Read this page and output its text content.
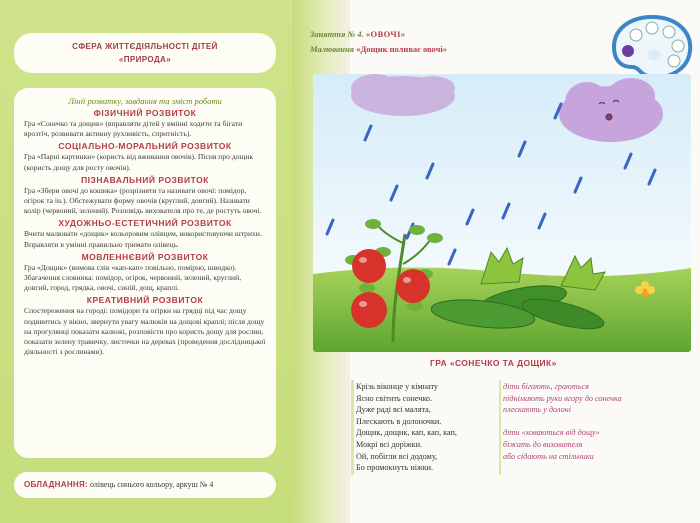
СФЕРА ЖИТТЄДІЯЛЬНОСТІ ДІТЕЙ
«ПРИРОДА»
Лінії розвитку, завдання та зміст роботи
ФІЗИЧНИЙ РОЗВИТОК

Гра «Сонечко та дощик» (вправляти дітей у вмінні ходити та бігати врозтіч, розвивати активну рухливість, спритність).

СОЦІАЛЬНО-МОРАЛЬНИЙ РОЗВИТОК

Гра «Парні картинки» (користь від вживання овочів). Пісня про дощик (користь дощу для росту овочів).

ПІЗНАВАЛЬНИЙ РОЗВИТОК

Гра «Збери овочі до кошика» (розрізняти та називати овочі: помідор, огірок та ін.). Обстежувати форму овочів (круглий, довгий). Називати колір (червоний, зелений). Розповідь вихователя про те, де ростуть овочі.

ХУДОЖНЬО-ЕСТЕТИЧНИЙ РОЗВИТОК

Вчити малювати «дощик» кольоровим олівцем, використовуючи штрихи. Вправляти в умінні правильно тримати олівець.

МОВЛЕННЄВИЙ РОЗВИТОК

Гра «Дощик» (вимова слів «кап-кап» повільно, помірно, швидко). Збагачення словника: помідор, огірок, червоний, зелений, круглий, довгий, город, грядка, овочі, синій, дощ, краплі.

КРЕАТИВНИЙ РОЗВИТОК

Спостереження на городі: помідори та огірки на грядці під час дощу подивитись у вікно, звернути увагу малюків на дощові краплі; після дощу на прогулянці показати калюжі, розповісти про користь дощу для рослин, показати зелену травичку, листочки на деревах (проведення дослідницької діяльності з рослинами).

ОБЛАДНАННЯ: олівець синього кольору, аркуш № 4
Заняття № 4. «ОВОЧІ»
Малювання «Дощик поливає овочі»
ГРА «СОНЕЧКО ТА ДОЩИК»
Крізь віконце у кімнату
Ясно світить сонечко.
Дуже раді всі малята,
Плескають в долоночки.
Дощик, дощик, кап, кап, кап,
Мокрі всі доріжки.
Ой, побігли всі додому,
Бо промокнуть ніжки.
діти бігають, граються
піднімають руки вгору до сонечка
плескають у долоні
діти «ховаються від дощу»
біжать до вихователя
або сідають на стільчики
